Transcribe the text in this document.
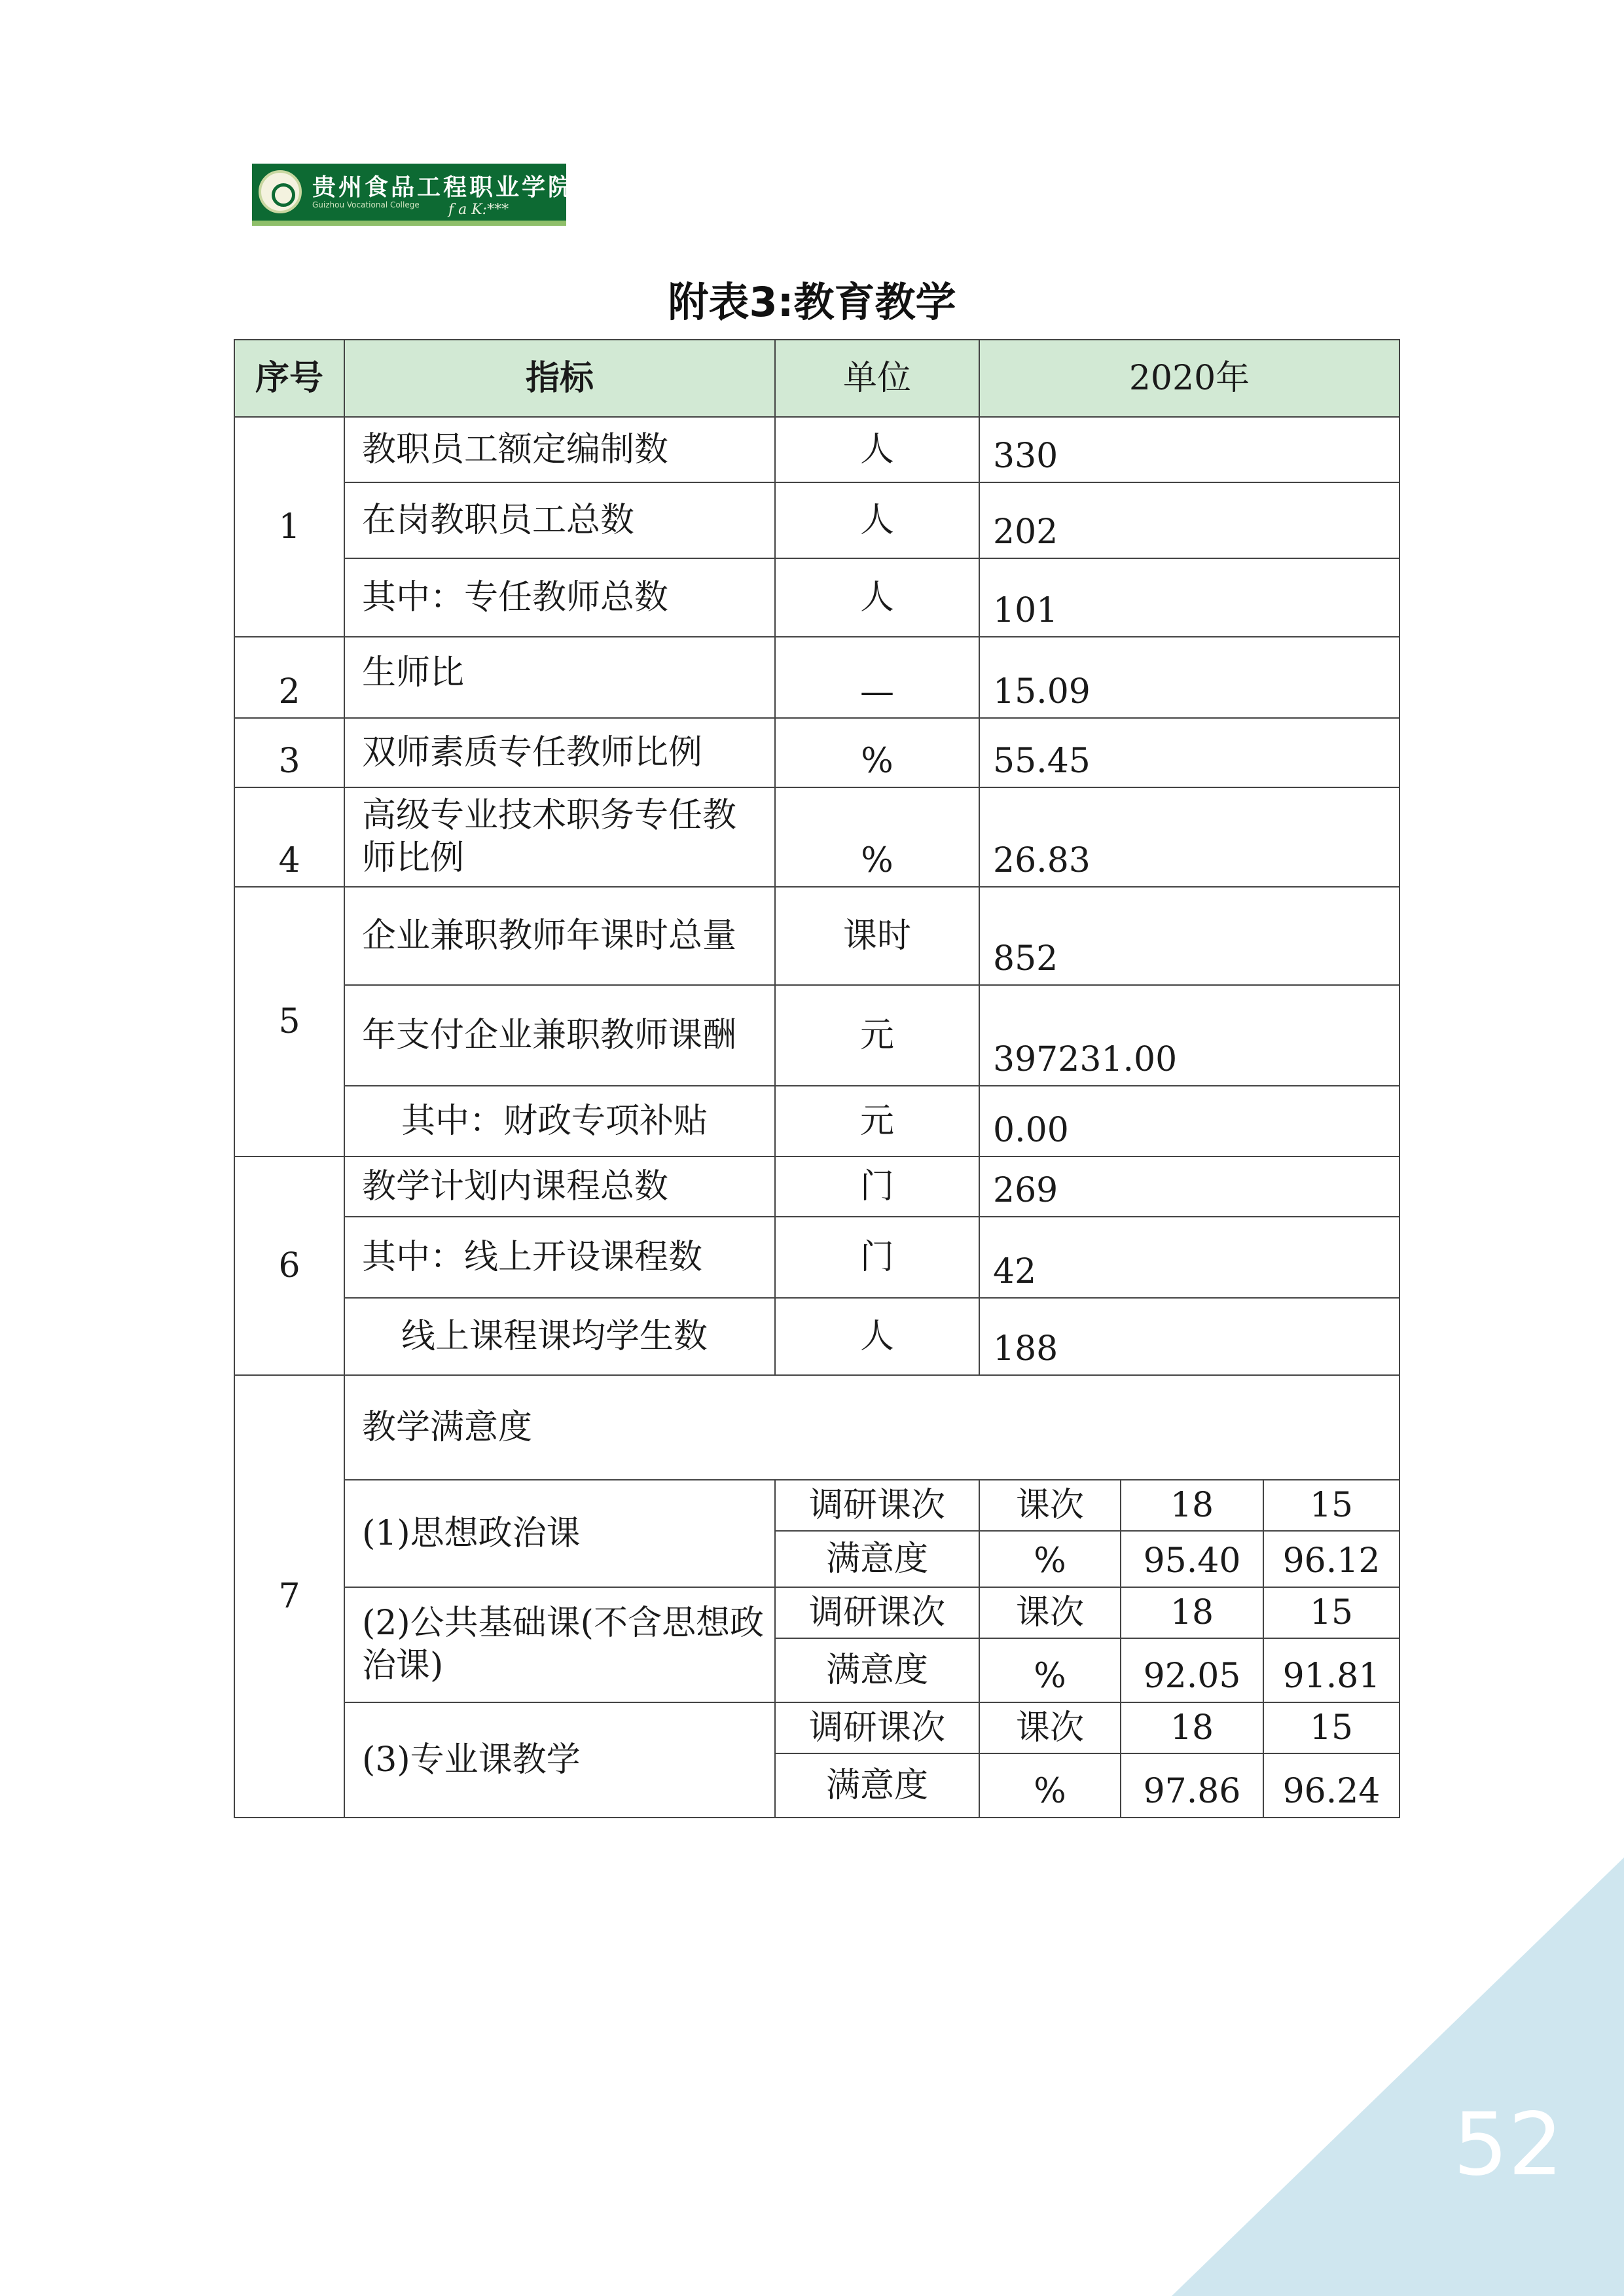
贵州食品工程职业学院
Guizhou Vocational College f a K:***
附表3:教育教学
序号	指标	单位	2020年		
1	教职员工额定编制数	人	330		
	在岗教职员工总数	人	202		
	其中：专任教师总数	人	101		
2	生师比	—	15.09		
3	双师素质专任教师比例	%	55.45		
4	高级专业技术职务专任教师比例	%	26.83		
5	企业兼职教师年课时总量	课时	852		
	年支付企业兼职教师课酬	元	397231.00		
	其中：财政专项补贴	元	0.00		
6	教学计划内课程总数	门	269		
	其中：线上开设课程数	门	42		
	线上课程课均学生数	人	188		
7	教学满意度				
	(1)思想政治课	调研课次	课次	18	15
		满意度	%	95.40	96.12
	(2)公共基础课(不含思想政治课)	调研课次	课次	18	15
		满意度	%	92.05	91.81
	(3)专业课教学	调研课次	课次	18	15
		满意度	%	97.86	96.24
52
